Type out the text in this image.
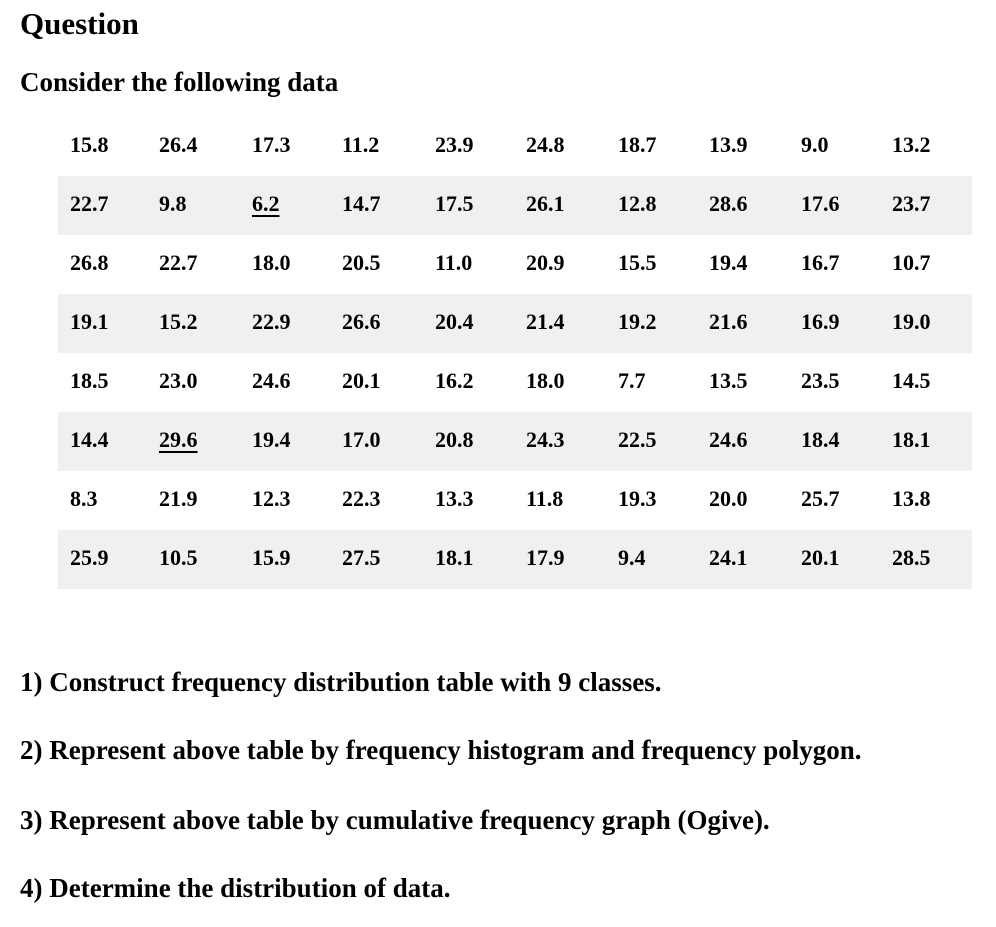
Question

Consider the following data

15.8 26.4 17.3 11.2	23.9 24.8 18.7 13.9 9.0	13.2
22.7 9.8	6.2	14.7 17.5 26.1 12.8 28.6 17.6 23.7
26.8 22.7 18.0 20.5 11.0 20.9 15.5 19.4 16.7 10.7
19.1 15.2 22.9 26.6 20.4 21.4 19.2 21.6 16.9 19.0
18.5 23.0 24.6 20.1 16.2 18.0 7.7	13.5 23.5 14.5
14.4 29.6 19.4 17.0 20.8 24.3 22.5 24.6 18.4 18.1
8.3	21.9 12.3 22.3 13.3 11.8 19.3 20.0 25.7 13.8
25.9 10.5 15.9 27.5 18.1 17.9 9.4	24.1 20.1 28.5
1) Construct frequency distribution table with 9 classes.
2) Represent above table by frequency histogram and frequency polygon.
3) Represent above table by cumulative frequency graph (Ogive).
4) Determine the distribution of data.
